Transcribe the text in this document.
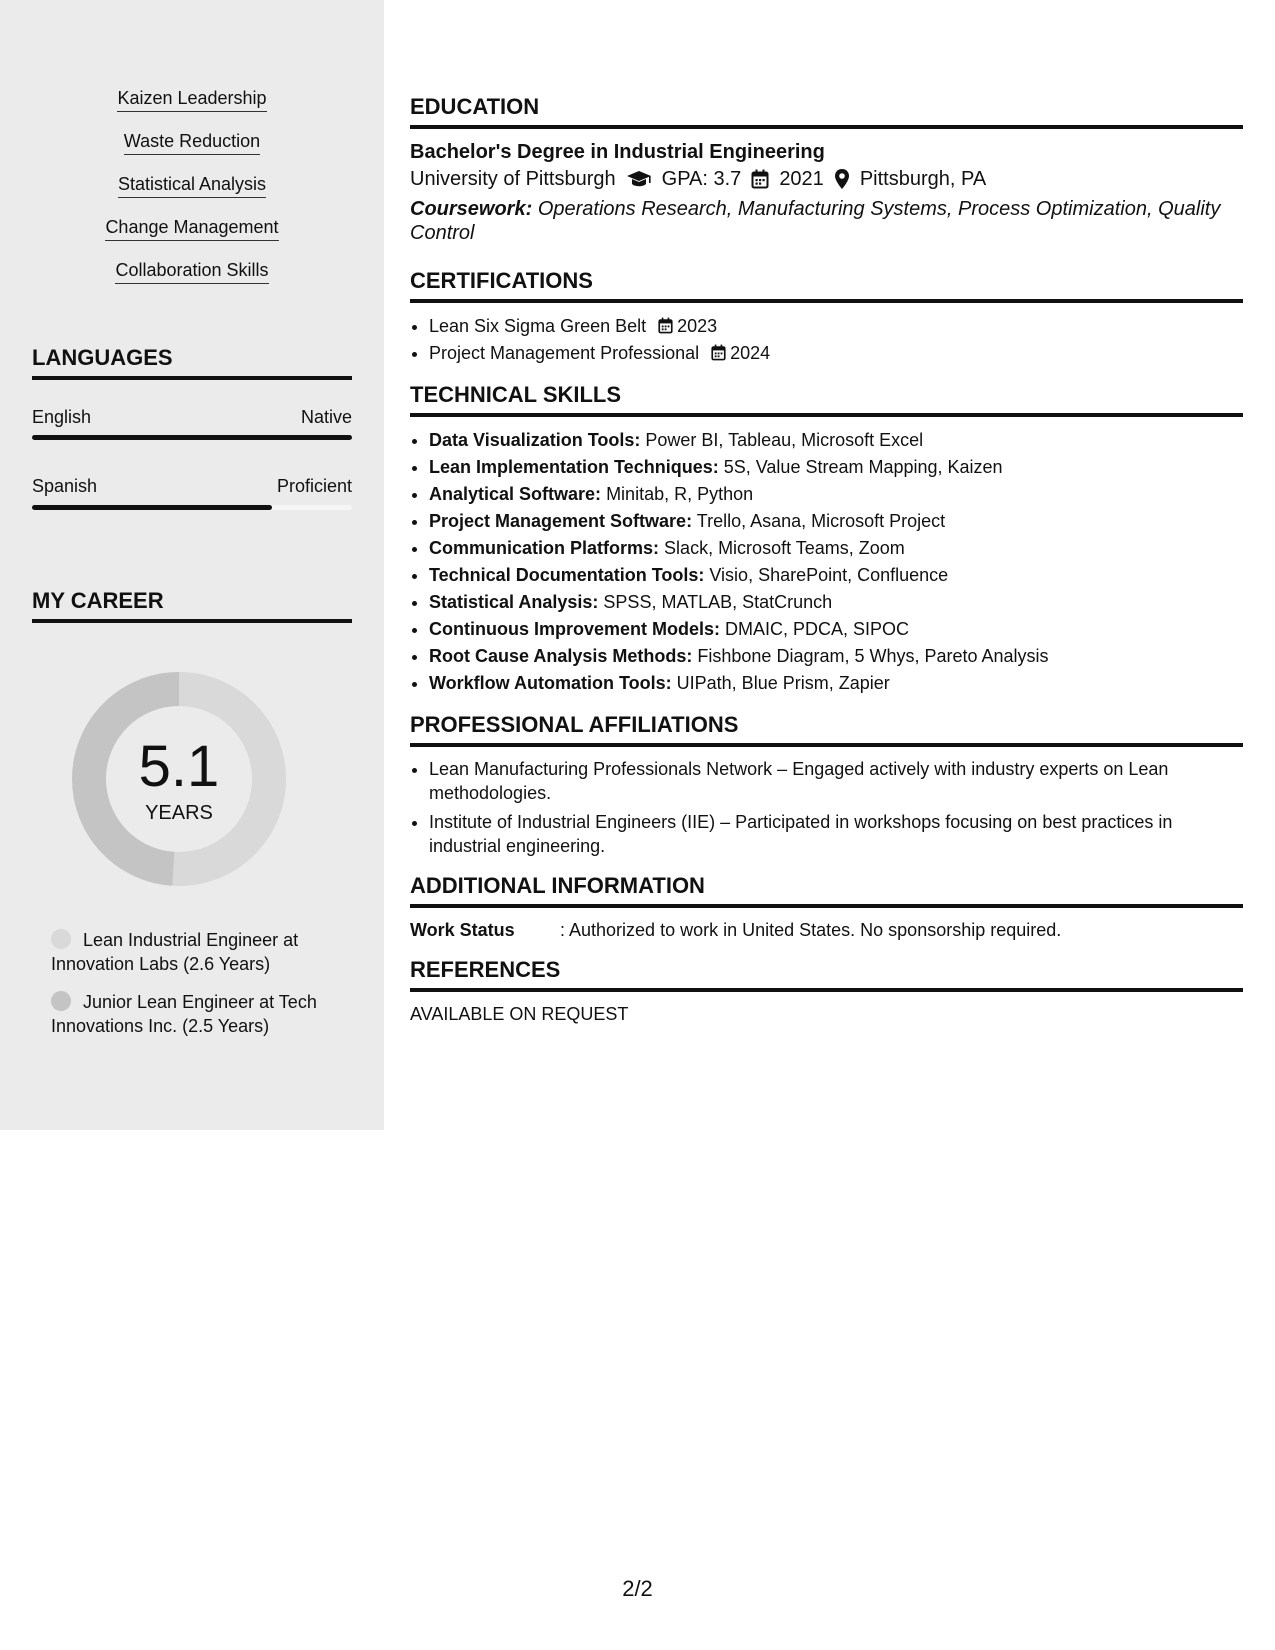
Kaizen Leadership
Waste Reduction
Statistical Analysis
Change Management
Collaboration Skills
LANGUAGES
English	Native
Spanish	Proficient
MY CAREER
5.1
YEARS
Lean Industrial Engineer at Innovation Labs (2.6 Years)
Junior Lean Engineer at Tech Innovations Inc. (2.5 Years)
EDUCATION
Bachelor's Degree in Industrial Engineering
University of Pittsburgh GPA: 3.7 2021 Pittsburgh, PA
Coursework: Operations Research, Manufacturing Systems, Process Optimization, Quality Control
CERTIFICATIONS
• Lean Six Sigma Green Belt 2023
• Project Management Professional 2024
TECHNICAL SKILLS
• Data Visualization Tools: Power BI, Tableau, Microsoft Excel
• Lean Implementation Techniques: 5S, Value Stream Mapping, Kaizen
• Analytical Software: Minitab, R, Python
• Project Management Software: Trello, Asana, Microsoft Project
• Communication Platforms: Slack, Microsoft Teams, Zoom
• Technical Documentation Tools: Visio, SharePoint, Confluence
• Statistical Analysis: SPSS, MATLAB, StatCrunch
• Continuous Improvement Models: DMAIC, PDCA, SIPOC
• Root Cause Analysis Methods: Fishbone Diagram, 5 Whys, Pareto Analysis
• Workflow Automation Tools: UIPath, Blue Prism, Zapier
PROFESSIONAL AFFILIATIONS
• Lean Manufacturing Professionals Network – Engaged actively with industry experts on Lean methodologies.
• Institute of Industrial Engineers (IIE) – Participated in workshops focusing on best practices in industrial engineering.
ADDITIONAL INFORMATION
Work Status	: Authorized to work in United States. No sponsorship required.
REFERENCES
AVAILABLE ON REQUEST
2/2
